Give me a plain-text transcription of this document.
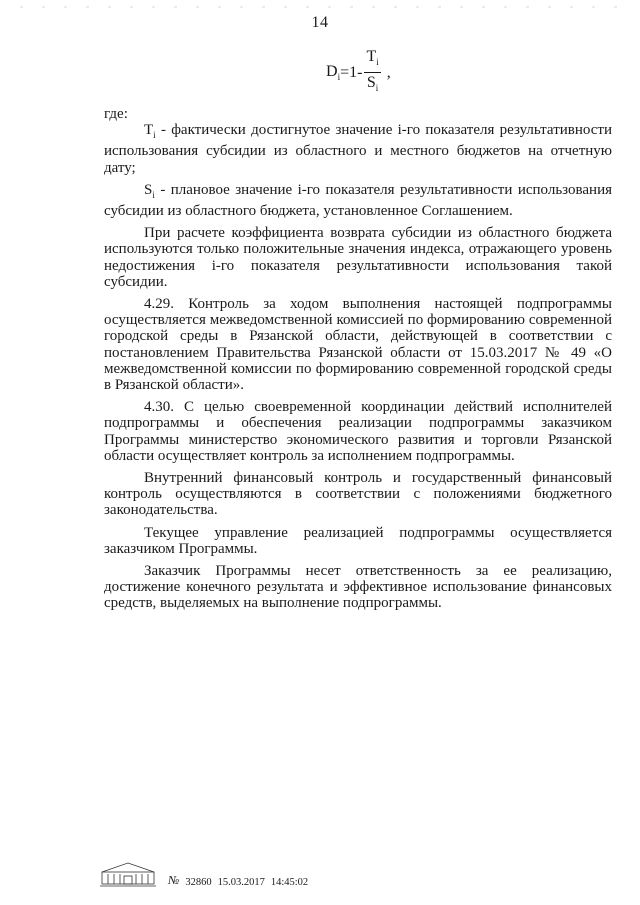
14
$D_i =1- \frac{T_i}{S_i}$ ,

где:

$T_i$ - фактически достигнутое значение i-го показателя результативности использования субсидии из областного и местного бюджетов на отчетную дату;

$S_i$ - плановое значение i-го показателя результативности использования субсидии из областного бюджета, установленное Соглашением.

При расчете коэффициента возврата субсидии из областного бюджета используются только положительные значения индекса, отражающего уровень недостижения i-го показателя результативности использования такой субсидии.

4.29. Контроль за ходом выполнения настоящей подпрограммы осуществляется межведомственной комиссией по формированию современной городской среды в Рязанской области, действующей в соответствии с постановлением Правительства Рязанской области от 15.03.2017 № 49 «О межведомственной комиссии по формированию современной городской среды в Рязанской области».

4.30. С целью своевременной координации действий исполнителей подпрограммы и обеспечения реализации подпрограммы заказчиком Программы министерство экономического развития и торговли Рязанской области осуществляет контроль за исполнением подпрограммы.

Внутренний финансовый контроль и государственный финансовый контроль осуществляются в соответствии с положениями бюджетного законодательства.

Текущее управление реализацией подпрограммы осуществляется заказчиком Программы.

Заказчик Программы несет ответственность за ее реализацию, достижение конечного результата и эффективное использование финансовых средств, выделяемых на выполнение подпрограммы.

№ 32860 15.03.2017 14:45:02
